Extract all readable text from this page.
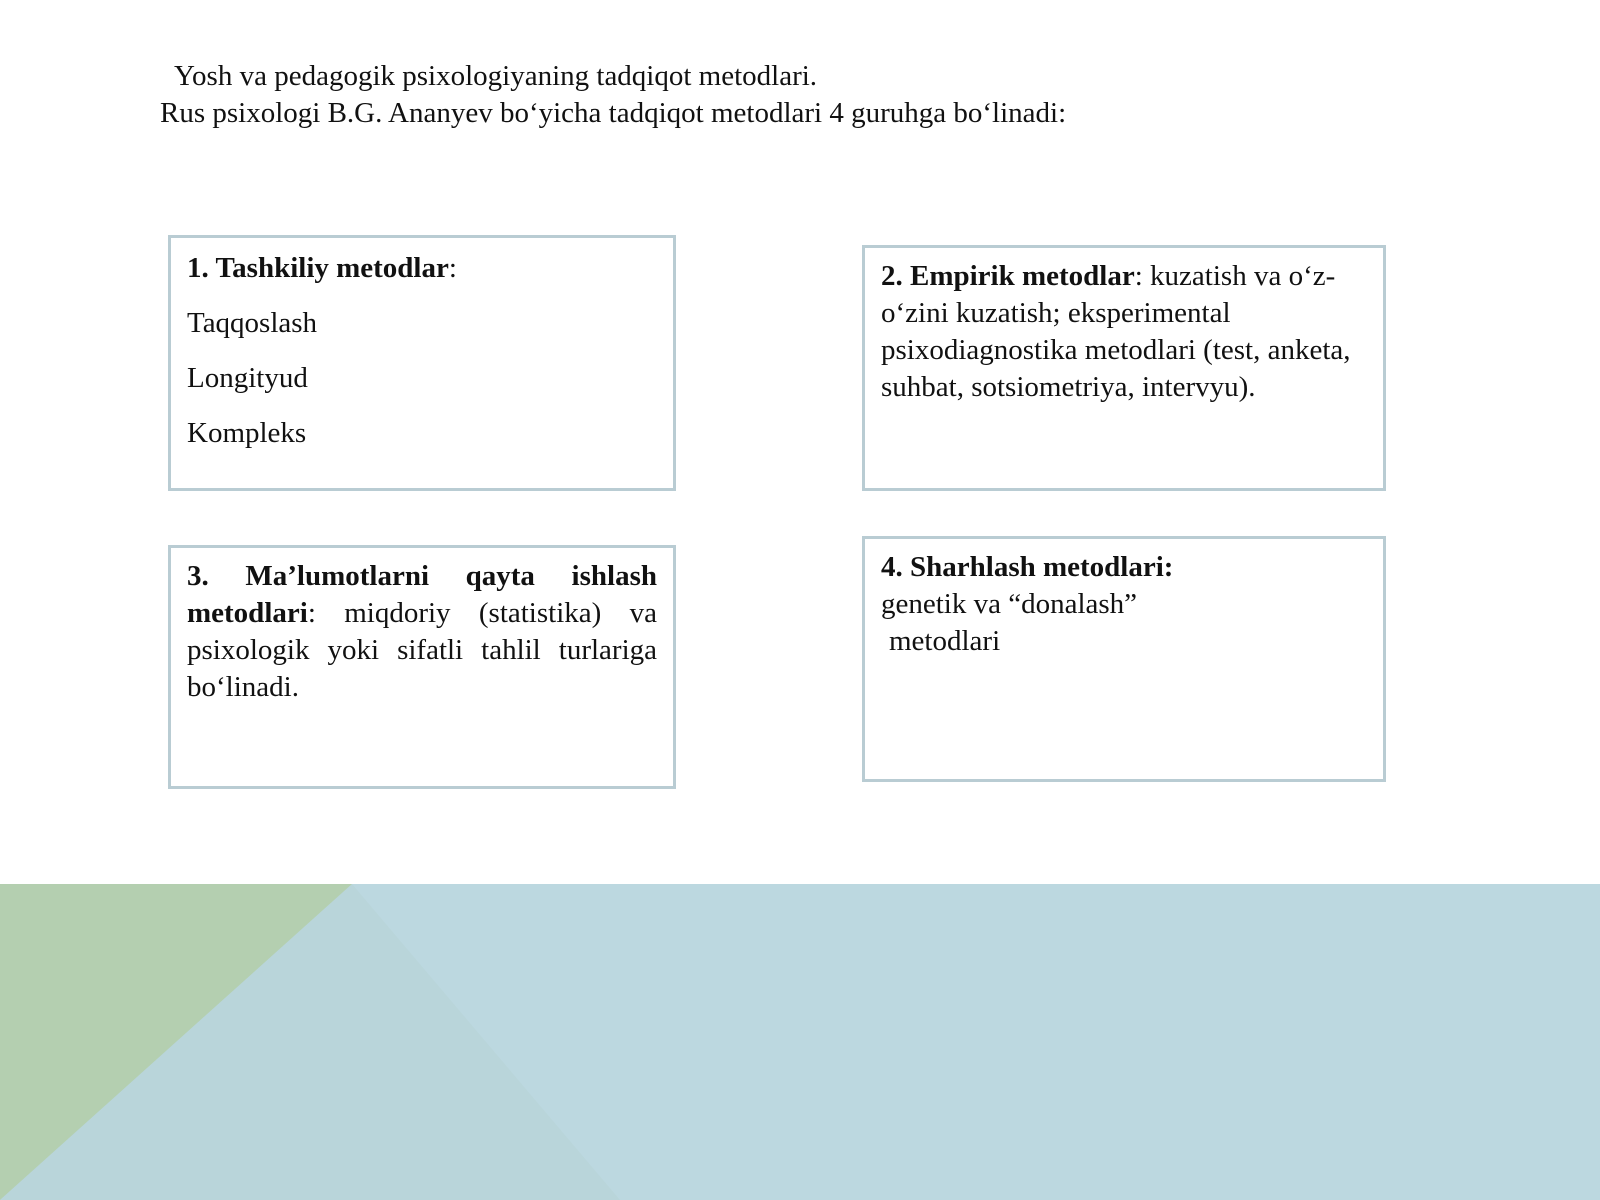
Yosh va pedagogik psixologiyaning tadqiqot metodlari.
Rus psixologi B.G. Ananyev bo‘yicha tadqiqot metodlari 4 guruhga bo‘linadi:
1. Tashkiliy metodlar:
Taqqoslash
Longityud
Kompleks
2. Empirik metodlar: kuzatish va o‘z-o‘zini kuzatish; eksperimental psixodiagnostika metodlari (test, anketa, suhbat, sotsiometriya, intervyu).
3. Ma’lumotlarni qayta ishlash metodlari: miqdoriy (statistika) va psixologik yoki sifatli tahlil turlariga bo‘linadi.
4. Sharhlash metodlari:
genetik va “donalash”
metodlari
